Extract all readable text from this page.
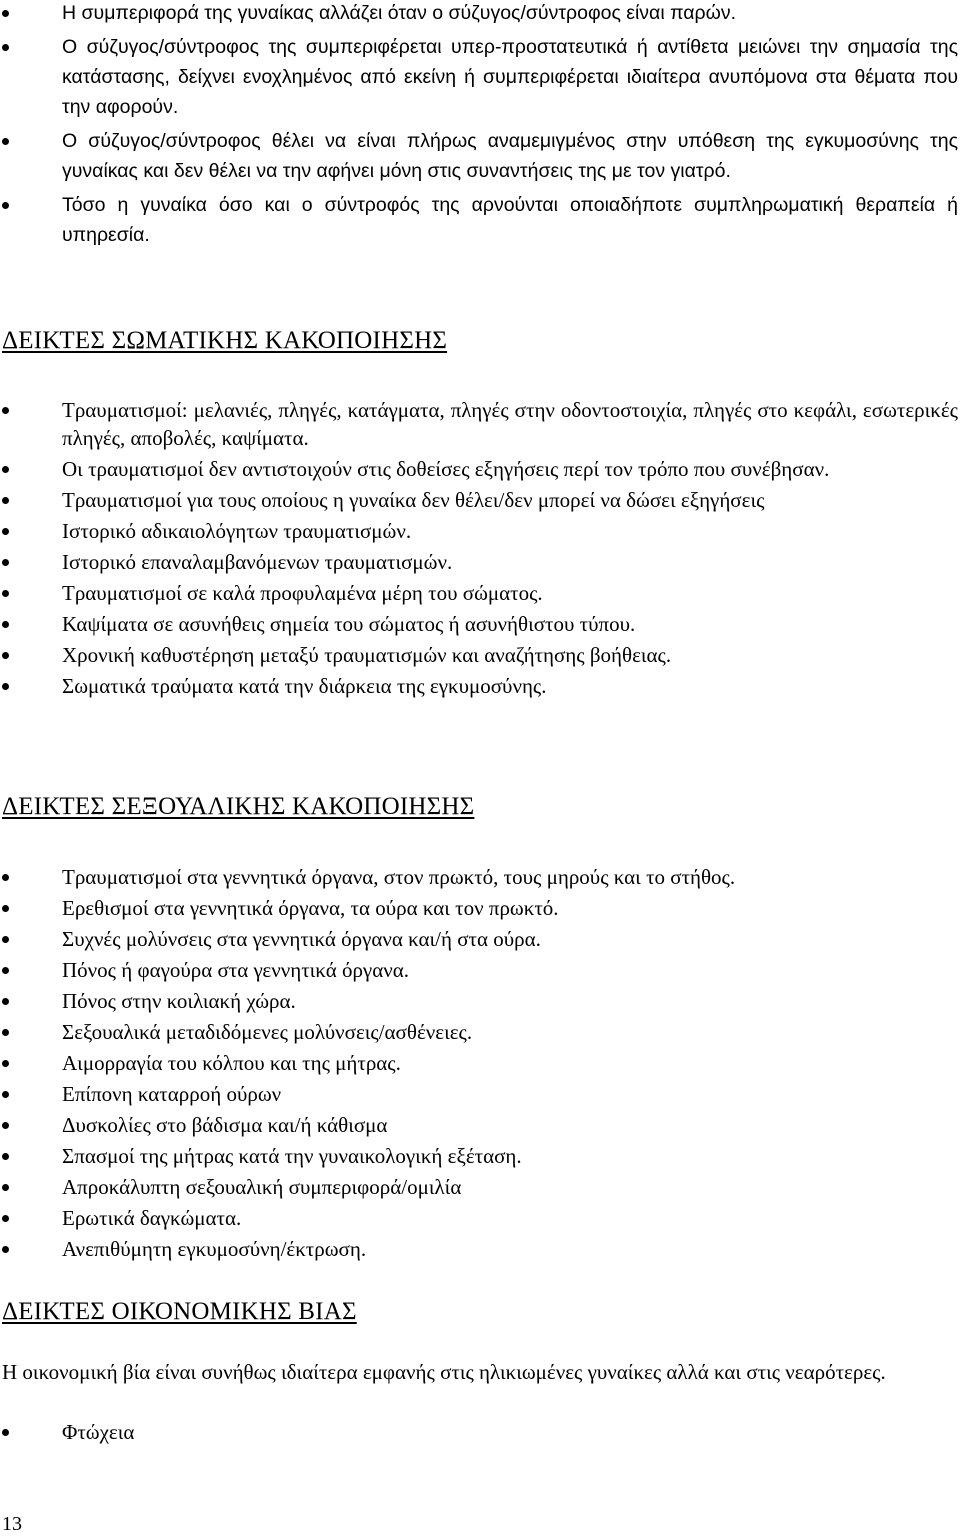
Η συμπεριφορά της γυναίκας αλλάζει όταν ο σύζυγος/σύντροφος είναι παρών.
Ο σύζυγος/σύντροφος της συμπεριφέρεται υπερ-προστατευτικά ή αντίθετα μειώνει την σημασία της κατάστασης, δείχνει ενοχλημένος από εκείνη ή συμπεριφέρεται ιδιαίτερα ανυπόμονα στα θέματα που την αφορούν.
Ο σύζυγος/σύντροφος θέλει να είναι πλήρως αναμεμιγμένος στην υπόθεση της εγκυμοσύνης της γυναίκας και δεν θέλει να την αφήνει μόνη στις συναντήσεις της με τον γιατρό.
Τόσο η γυναίκα όσο και ο σύντροφός της αρνούνται οποιαδήποτε συμπληρωματική θεραπεία ή υπηρεσία.
ΔΕΙΚΤΕΣ ΣΩΜΑΤΙΚΗΣ ΚΑΚΟΠΟΙΗΣΗΣ
Τραυματισμοί: μελανιές, πληγές, κατάγματα, πληγές στην οδοντοστοιχία, πληγές στο κεφάλι, εσωτερικές πληγές, αποβολές, καψίματα.
Οι τραυματισμοί δεν αντιστοιχούν στις δοθείσες εξηγήσεις περί τον τρόπο που συνέβησαν.
Τραυματισμοί για τους οποίους η γυναίκα δεν θέλει/δεν μπορεί να δώσει εξηγήσεις
Ιστορικό αδικαιολόγητων τραυματισμών.
Ιστορικό επαναλαμβανόμενων τραυματισμών.
Τραυματισμοί σε καλά προφυλαμένα μέρη του σώματος.
Καψίματα σε ασυνήθεις σημεία του σώματος ή ασυνήθιστου τύπου.
Χρονική καθυστέρηση μεταξύ τραυματισμών και αναζήτησης βοήθειας.
Σωματικά τραύματα κατά την διάρκεια της εγκυμοσύνης.
ΔΕΙΚΤΕΣ ΣΕΞΟΥΑΛΙΚΗΣ ΚΑΚΟΠΟΙΗΣΗΣ
Τραυματισμοί στα γεννητικά όργανα, στον πρωκτό, τους μηρούς και το στήθος.
Ερεθισμοί στα γεννητικά όργανα, τα ούρα και τον πρωκτό.
Συχνές μολύνσεις στα γεννητικά όργανα και/ή στα ούρα.
Πόνος ή φαγούρα στα γεννητικά όργανα.
Πόνος στην κοιλιακή χώρα.
Σεξουαλικά μεταδιδόμενες μολύνσεις/ασθένειες.
Αιμορραγία του κόλπου και της μήτρας.
Επίπονη καταρροή ούρων
Δυσκολίες στο βάδισμα και/ή κάθισμα
Σπασμοί της μήτρας κατά την γυναικολογική εξέταση.
Απροκάλυπτη σεξουαλική συμπεριφορά/ομιλία
Ερωτικά δαγκώματα.
Ανεπιθύμητη εγκυμοσύνη/έκτρωση.
ΔΕΙΚΤΕΣ ΟΙΚΟΝΟΜΙΚΗΣ ΒΙΑΣ

Η οικονομική βία είναι συνήθως ιδιαίτερα εμφανής στις ηλικιωμένες γυναίκες αλλά και στις νεαρότερες.

Φτώχεια
13
